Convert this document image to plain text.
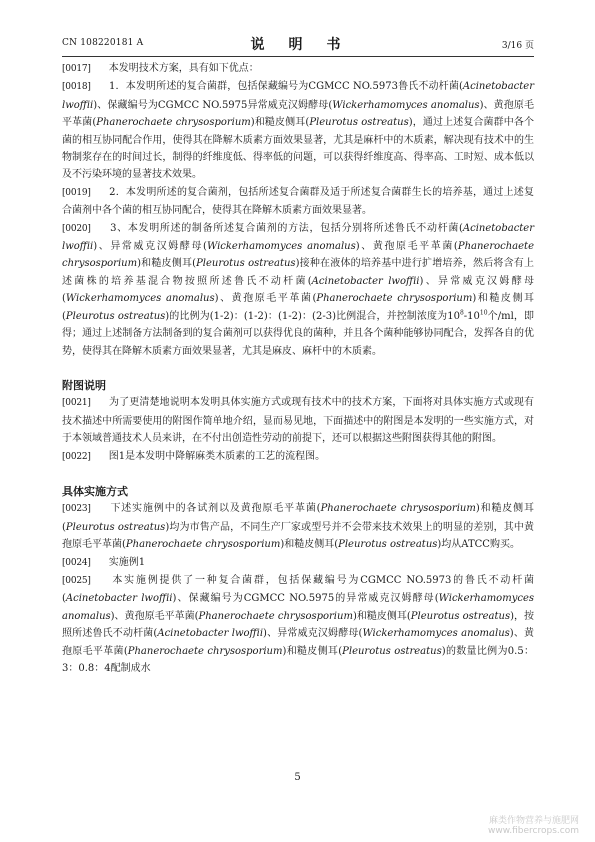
CN 108220181 A	说　明　书	3/16 页

[0017]　 本发明技术方案，具有如下优点：

[0018]　 1．本发明所述的复合菌群，包括保藏编号为CGMCC NO.5973鲁氏不动杆菌(Acinetobacter lwoffii)、保藏编号为CGMCC NO.5975异常威克汉姆酵母(Wickerhamomyces anomalus)、黄孢原毛平革菌(Phanerochaete chrysosporium)和糙皮侧耳(Pleurotus ostreatus)，通过上述复合菌群中各个菌的相互协同配合作用，使得其在降解木质素方面效果显著，尤其是麻杆中的木质素，解决现有技术中的生物制浆存在的时间过长，制得的纤维度低、得率低的问题，可以获得纤维度高、得率高、工时短、成本低以及不污染环境的显著技术效果。

[0019]　 2．本发明所述的复合菌剂，包括所述复合菌群及适于所述复合菌群生长的培养基，通过上述复合菌剂中各个菌的相互协同配合，使得其在降解木质素方面效果显著。

[0020]　 3、本发明所述的制备所述复合菌剂的方法，包括分别将所述鲁氏不动杆菌(Acinetobacter lwoffii)、异常威克汉姆酵母(Wickerhamomyces anomalus)、黄孢原毛平革菌(Phanerochaete chrysosporium)和糙皮侧耳(Pleurotus ostreatus)接种在液体的培养基中进行扩增培养，然后将含有上述菌株的培养基混合物按照所述鲁氏不动杆菌(Acinetobacter lwoffii)、异常威克汉姆酵母(Wickerhamomyces anomalus)、黄孢原毛平革菌(Phanerochaete chrysosporium)和糙皮侧耳(Pleurotus ostreatus)的比例为(1-2)：(1-2)：(1-2)：(2-3)比例混合，并控制浓度为$10^8-10^{10}$个/ml，即得；通过上述制备方法制备到的复合菌剂可以获得优良的菌种，并且各个菌种能够协同配合，发挥各自的优势，使得其在降解木质素方面效果显著，尤其是麻皮、麻杆中的木质素。

附图说明

[0021]　 为了更清楚地说明本发明具体实施方式或现有技术中的技术方案，下面将对具体实施方式或现有技术描述中所需要使用的附图作简单地介绍，显而易见地，下面描述中的附图是本发明的一些实施方式，对于本领域普通技术人员来讲，在不付出创造性劳动的前提下，还可以根据这些附图获得其他的附图。

[0022]　 图1是本发明中降解麻类木质素的工艺的流程图。

具体实施方式

[0023]　 下述实施例中的各试剂以及黄孢原毛平革菌(Phanerochaete chrysosporium)和糙皮侧耳(Pleurotus ostreatus)均为市售产品，不同生产厂家或型号并不会带来技术效果上的明显的差别，其中黄孢原毛平革菌(Phanerochaete chrysosporium)和糙皮侧耳(Pleurotus ostreatus)均从ATCC购买。

[0024]　 实施例1

[0025]　 本实施例提供了一种复合菌群，包括保藏编号为CGMCC NO.5973的鲁氏不动杆菌(Acinetobacter lwoffii)、保藏编号为CGMCC NO.5975的异常威克汉姆酵母(Wickerhamomyces anomalus)、黄孢原毛平革菌(Phanerochaete chrysosporium)和糙皮侧耳(Pleurotus ostreatus)，按照所述鲁氏不动杆菌(Acinetobacter lwoffii)、异常威克汉姆酵母(Wickerhamomyces anomalus)、黄孢原毛平革菌(Phanerochaete chrysosporium)和糙皮侧耳(Pleurotus ostreatus)的数量比例为0.5：3：0.8：4配制成水

5
麻类作物营养与施肥网
www.fibercrops.com
